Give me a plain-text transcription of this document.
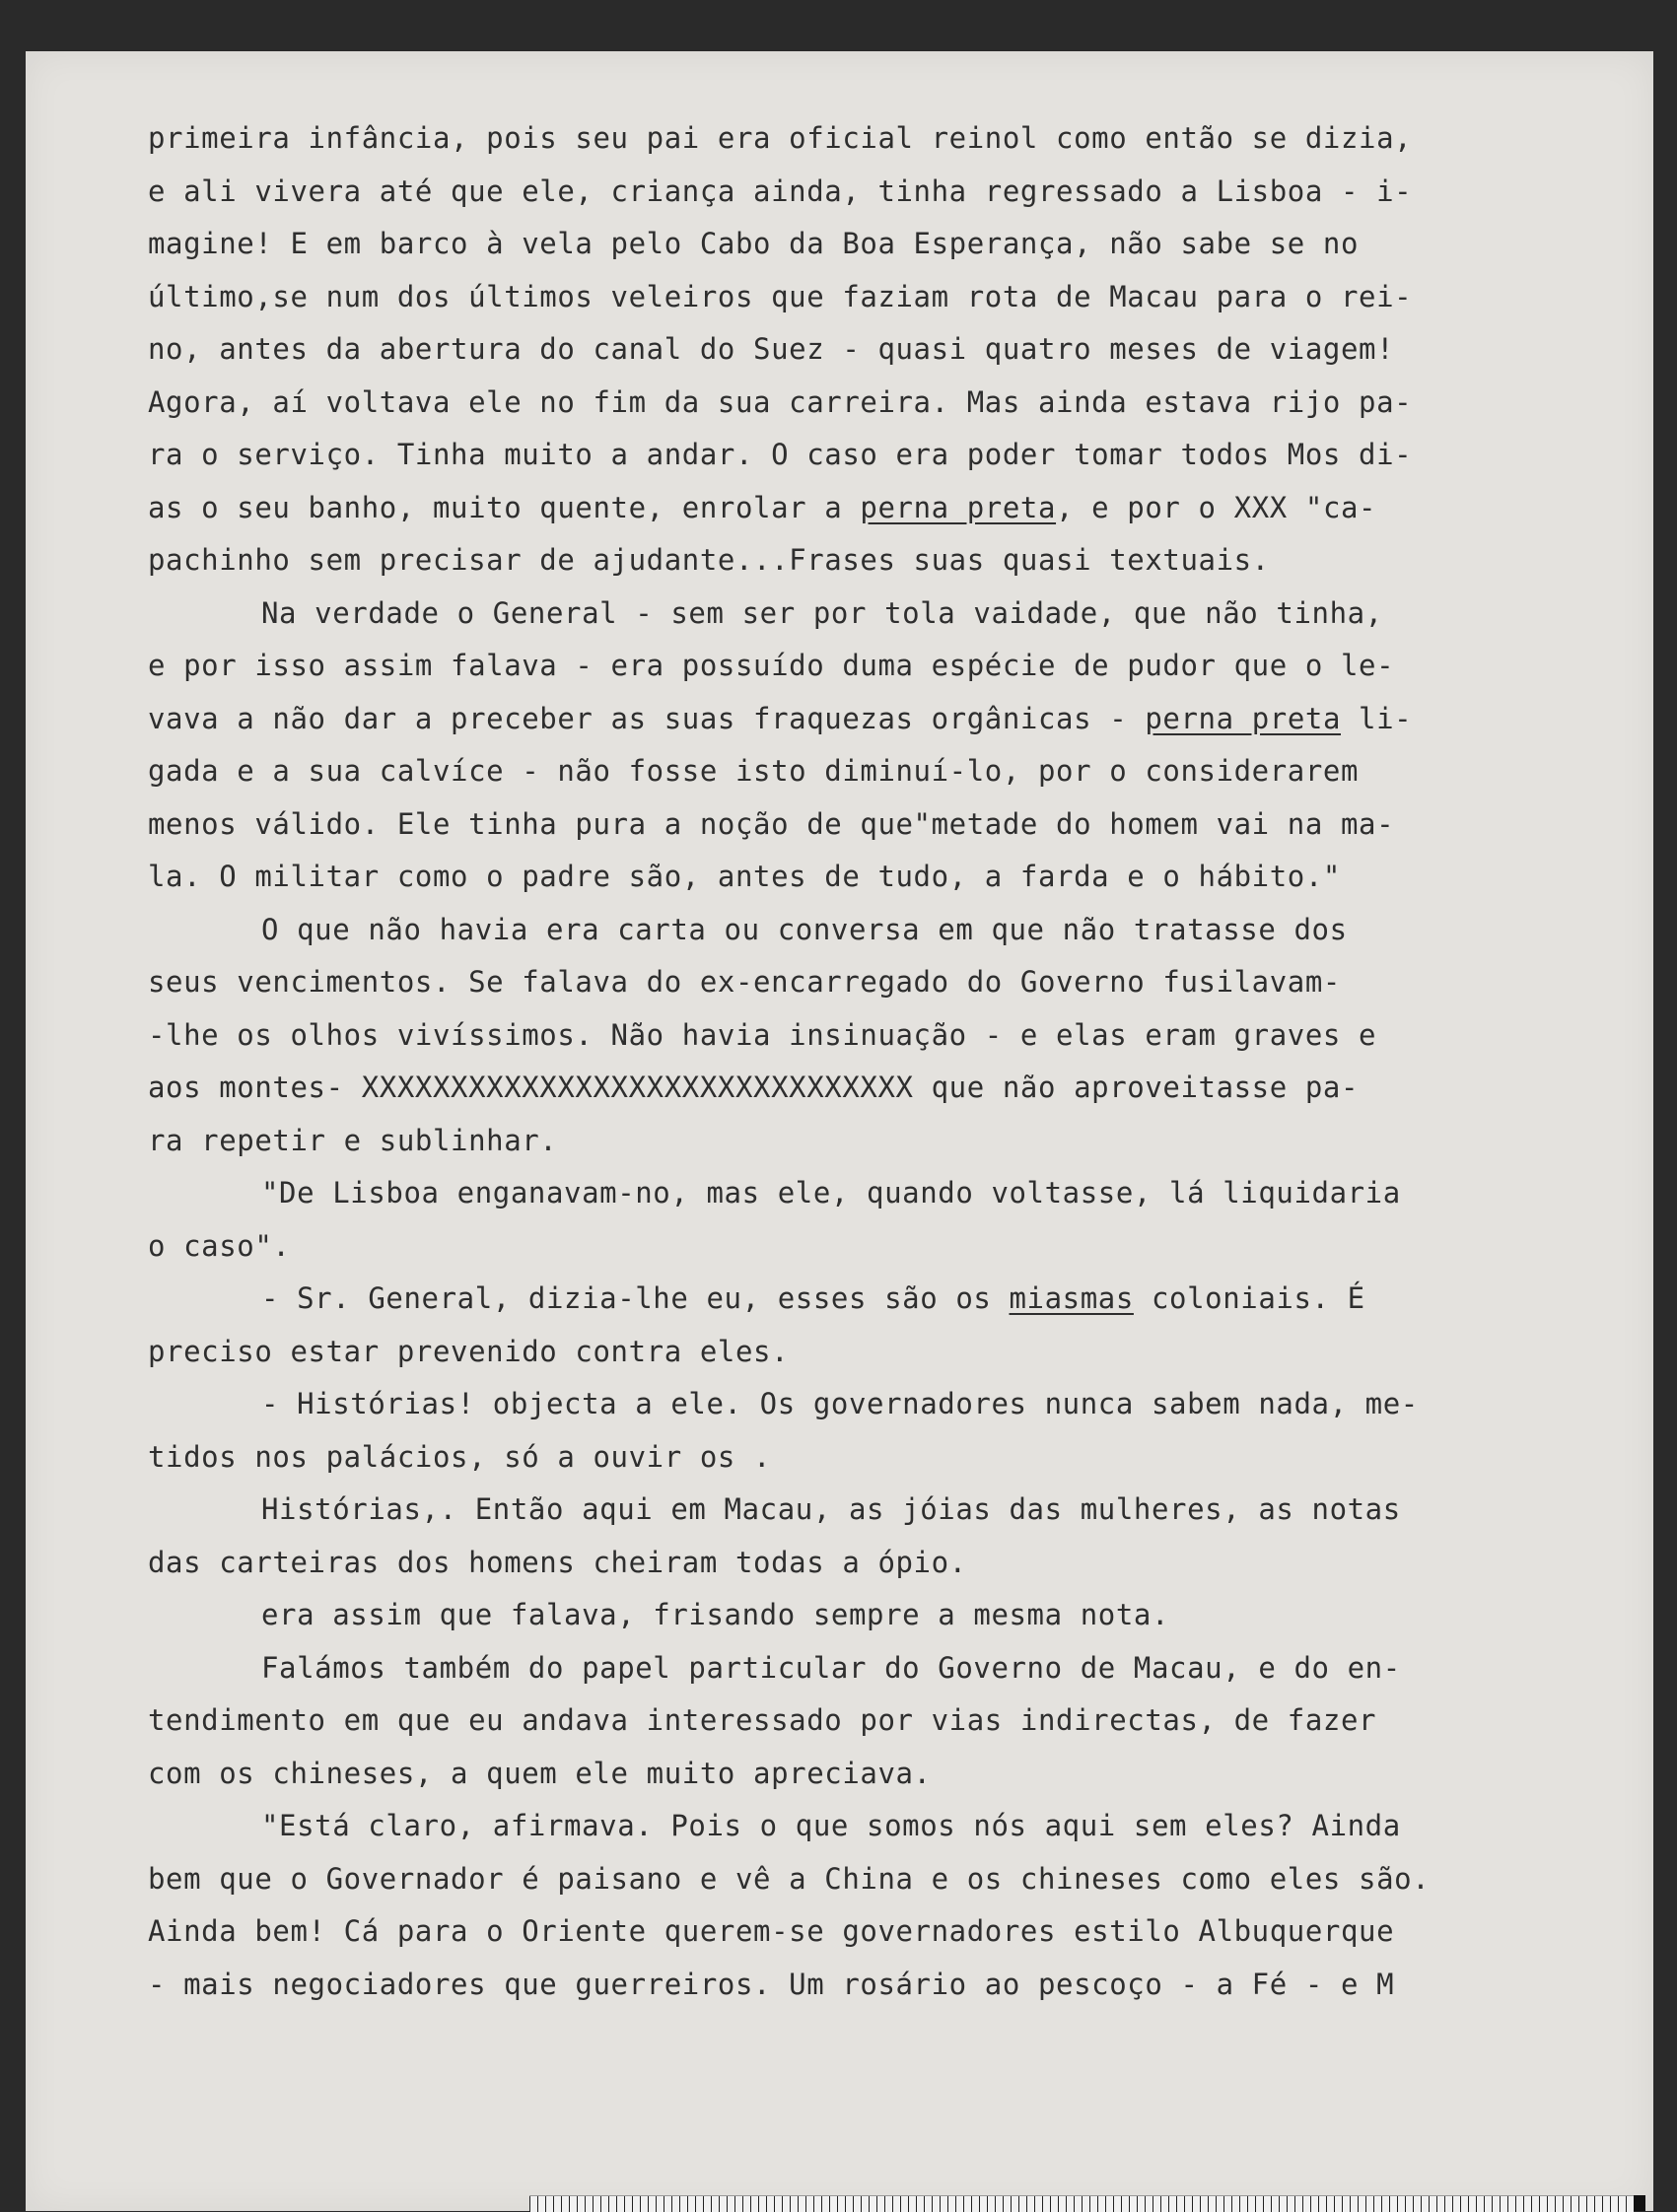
primeira infância, pois seu pai era oficial reinol como então se dizia,
e ali vivera até que ele, criança ainda, tinha regressado a Lisboa - i-
magine! E em barco à vela pelo Cabo da Boa Esperança, não sabe se no
último,se num dos últimos veleiros que faziam rota de Macau para o rei-
no, antes da abertura do canal do Suez - quasi quatro meses de viagem!
Agora, aí voltava ele no fim da sua carreira. Mas ainda estava rijo pa-
ra o serviço. Tinha muito a andar. O caso era poder tomar todos Mos di-
as o seu banho, muito quente, enrolar a perna preta, e por o XXX "ca-
pachinho sem precisar de ajudante...Frases suas quasi textuais.
Na verdade o General - sem ser por tola vaidade, que não tinha,
e por isso assim falava - era possuído duma espécie de pudor que o le-
vava a não dar a preceber as suas fraquezas orgânicas - perna preta li-
gada e a sua calvíce - não fosse isto diminuí-lo, por o considerarem
menos válido. Ele tinha pura a noção de que"metade do homem vai na ma-
la. O militar como o padre são, antes de tudo, a farda e o hábito."
O que não havia era carta ou conversa em que não tratasse dos
seus vencimentos. Se falava do ex-encarregado do Governo fusilavam-
-lhe os olhos vivíssimos. Não havia insinuação - e elas eram graves e
aos montes- XXXXXXXXXXXXXXXXXXXXXXXXXXXXXXX que não aproveitasse pa-
ra repetir e sublinhar.
"De Lisboa enganavam-no, mas ele, quando voltasse, lá liquidaria
o caso".
- Sr. General, dizia-lhe eu, esses são os miasmas coloniais. É
preciso estar prevenido contra eles.
- Histórias! objecta a ele. Os governadores nunca sabem nada, me-
tidos nos palácios, só a ouvir os .
Histórias,. Então aqui em Macau, as jóias das mulheres, as notas
das carteiras dos homens cheiram todas a ópio.
era assim que falava, frisando sempre a mesma nota.
Falámos também do papel particular do Governo de Macau, e do en-
tendimento em que eu andava interessado por vias indirectas, de fazer
com os chineses, a quem ele muito apreciava.
"Está claro, afirmava. Pois o que somos nós aqui sem eles? Ainda
bem que o Governador é paisano e vê a China e os chineses como eles são.
Ainda bem! Cá para o Oriente querem-se governadores estilo Albuquerque
- mais negociadores que guerreiros. Um rosário ao pescoço - a Fé - e M
